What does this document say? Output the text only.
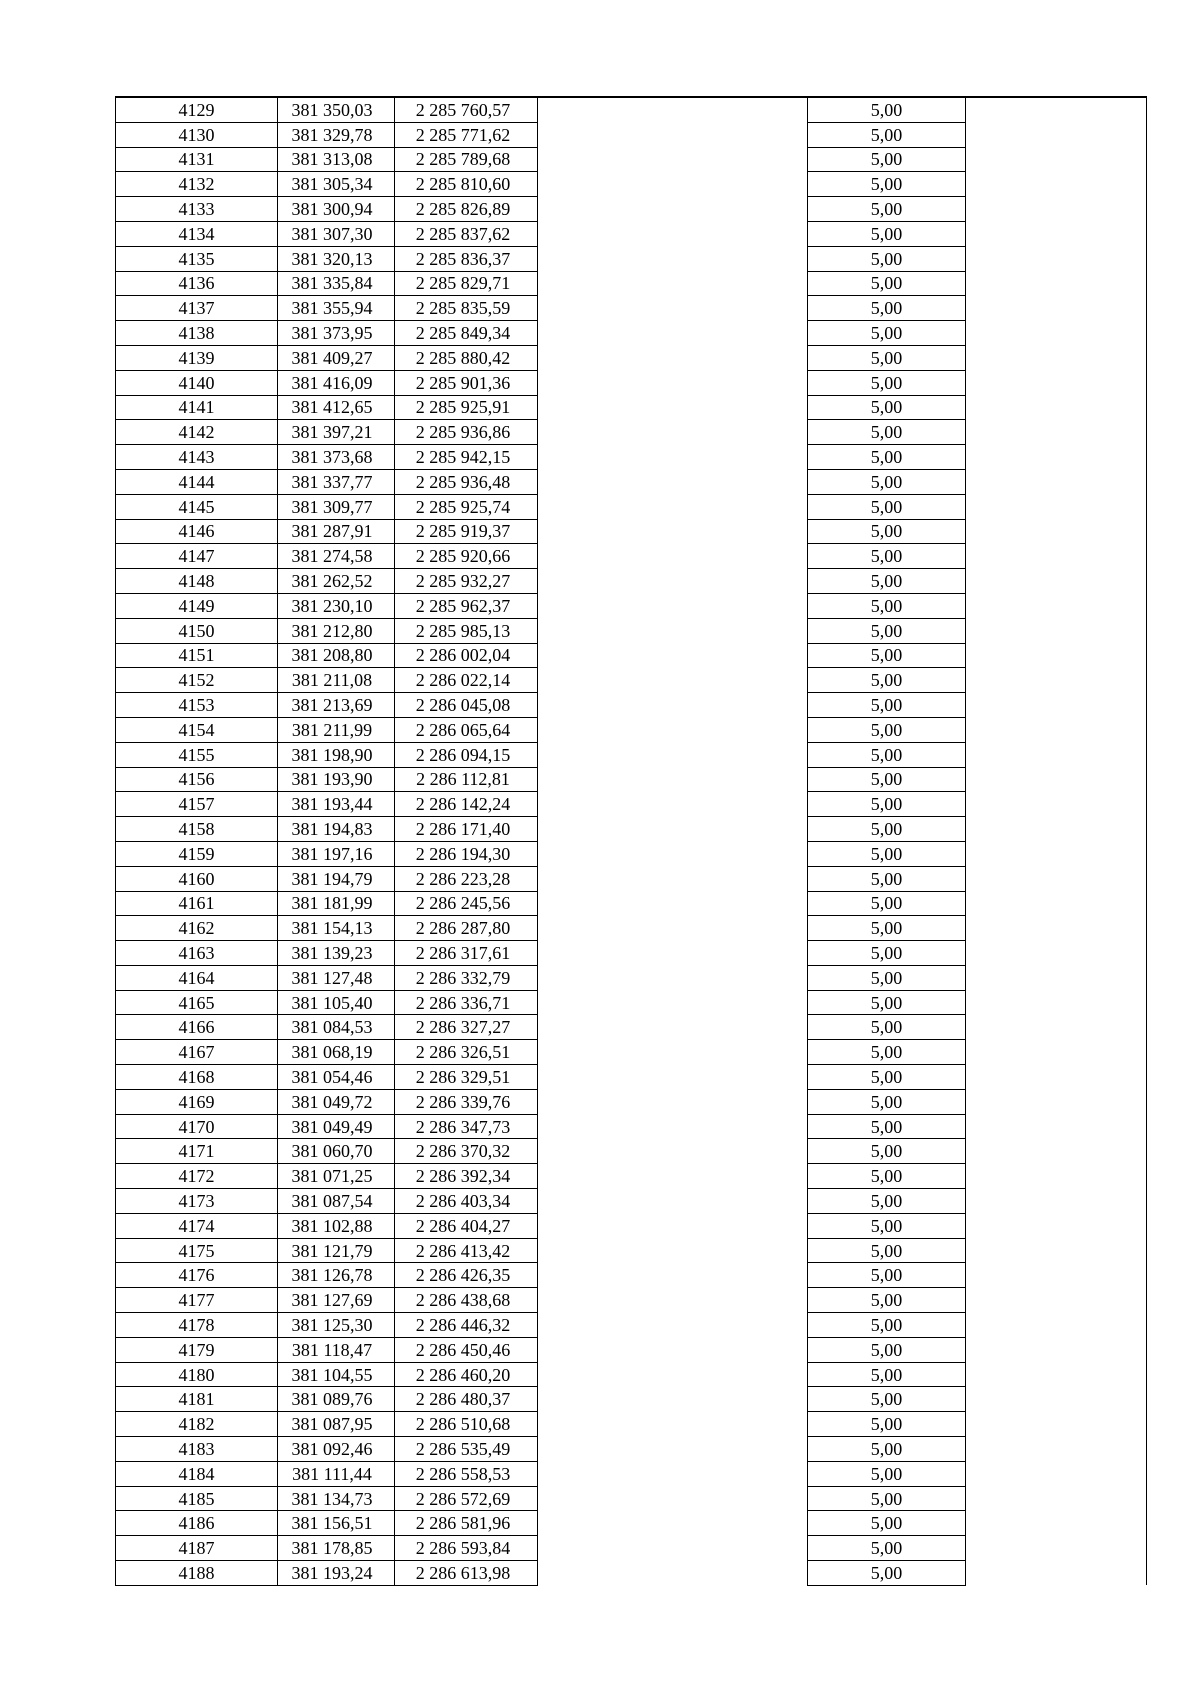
4129	381 350,03	2 285 760,57		5,00	
4130	381 329,78	2 285 771,62		5,00	
4131	381 313,08	2 285 789,68		5,00	
4132	381 305,34	2 285 810,60		5,00	
4133	381 300,94	2 285 826,89		5,00	
4134	381 307,30	2 285 837,62		5,00	
4135	381 320,13	2 285 836,37		5,00	
4136	381 335,84	2 285 829,71		5,00	
4137	381 355,94	2 285 835,59		5,00	
4138	381 373,95	2 285 849,34		5,00	
4139	381 409,27	2 285 880,42		5,00	
4140	381 416,09	2 285 901,36		5,00	
4141	381 412,65	2 285 925,91		5,00	
4142	381 397,21	2 285 936,86		5,00	
4143	381 373,68	2 285 942,15		5,00	
4144	381 337,77	2 285 936,48		5,00	
4145	381 309,77	2 285 925,74		5,00	
4146	381 287,91	2 285 919,37		5,00	
4147	381 274,58	2 285 920,66		5,00	
4148	381 262,52	2 285 932,27		5,00	
4149	381 230,10	2 285 962,37		5,00	
4150	381 212,80	2 285 985,13		5,00	
4151	381 208,80	2 286 002,04		5,00	
4152	381 211,08	2 286 022,14		5,00	
4153	381 213,69	2 286 045,08		5,00	
4154	381 211,99	2 286 065,64		5,00	
4155	381 198,90	2 286 094,15		5,00	
4156	381 193,90	2 286 112,81		5,00	
4157	381 193,44	2 286 142,24		5,00	
4158	381 194,83	2 286 171,40		5,00	
4159	381 197,16	2 286 194,30		5,00	
4160	381 194,79	2 286 223,28		5,00	
4161	381 181,99	2 286 245,56		5,00	
4162	381 154,13	2 286 287,80		5,00	
4163	381 139,23	2 286 317,61		5,00	
4164	381 127,48	2 286 332,79		5,00	
4165	381 105,40	2 286 336,71		5,00	
4166	381 084,53	2 286 327,27		5,00	
4167	381 068,19	2 286 326,51		5,00	
4168	381 054,46	2 286 329,51		5,00	
4169	381 049,72	2 286 339,76		5,00	
4170	381 049,49	2 286 347,73		5,00	
4171	381 060,70	2 286 370,32		5,00	
4172	381 071,25	2 286 392,34		5,00	
4173	381 087,54	2 286 403,34		5,00	
4174	381 102,88	2 286 404,27		5,00	
4175	381 121,79	2 286 413,42		5,00	
4176	381 126,78	2 286 426,35		5,00	
4177	381 127,69	2 286 438,68		5,00	
4178	381 125,30	2 286 446,32		5,00	
4179	381 118,47	2 286 450,46		5,00	
4180	381 104,55	2 286 460,20		5,00	
4181	381 089,76	2 286 480,37		5,00	
4182	381 087,95	2 286 510,68		5,00	
4183	381 092,46	2 286 535,49		5,00	
4184	381 111,44	2 286 558,53		5,00	
4185	381 134,73	2 286 572,69		5,00	
4186	381 156,51	2 286 581,96		5,00	
4187	381 178,85	2 286 593,84		5,00	
4188	381 193,24	2 286 613,98		5,00	
